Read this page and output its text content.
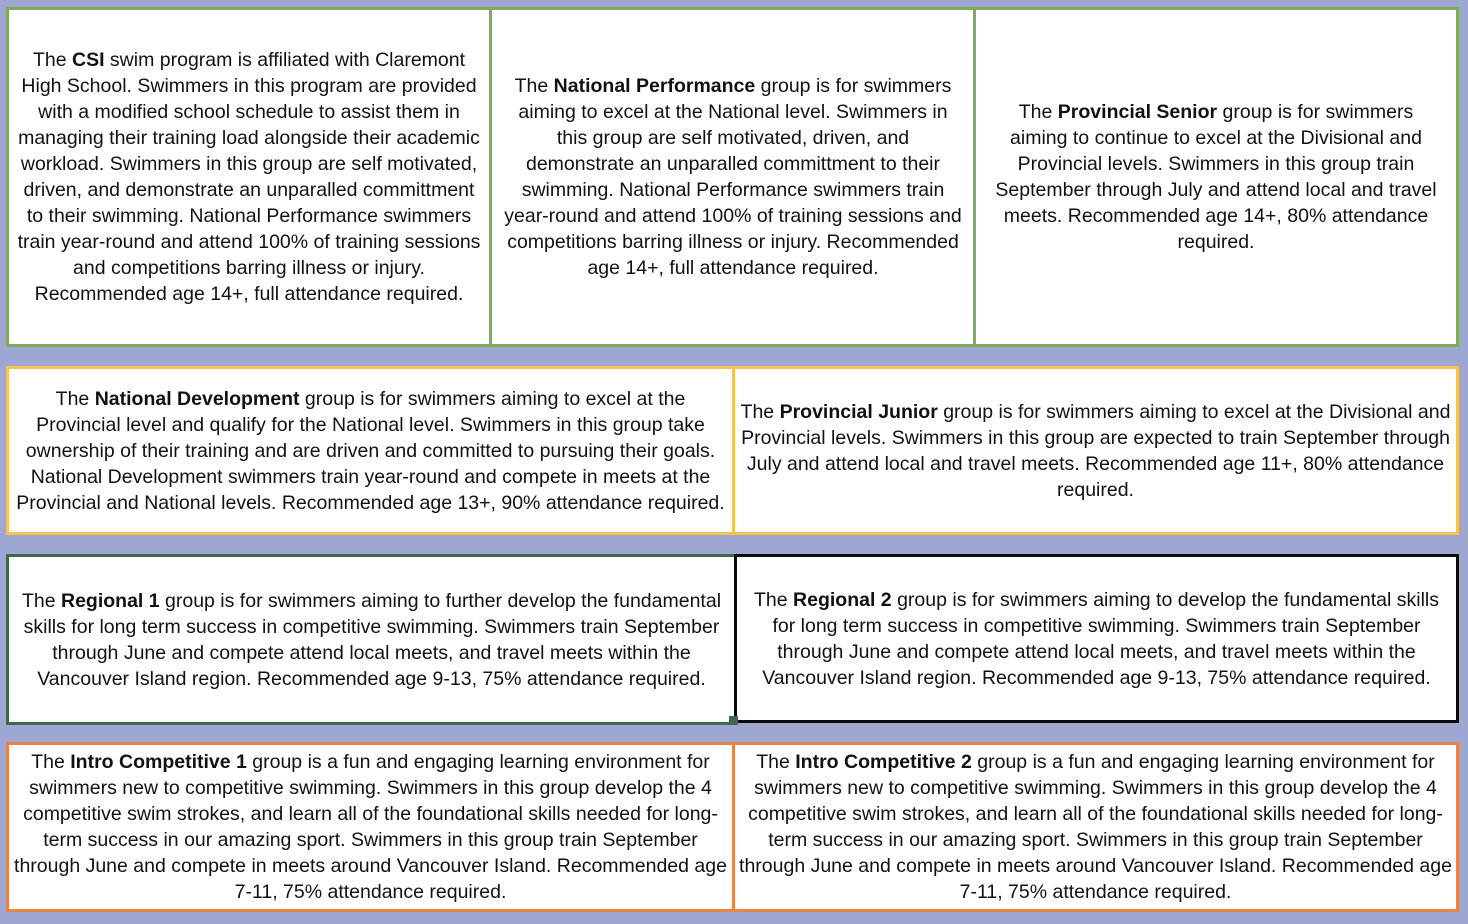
The CSI swim program is affiliated with Claremont High School. Swimmers in this program are provided with a modified school schedule to assist them in managing their training load alongside their academic workload. Swimmers in this group are self motivated, driven, and demonstrate an unparalled committment to their swimming. National Performance swimmers train year-round and attend 100% of training sessions and competitions barring illness or injury. Recommended age 14+, full attendance required.

The National Performance group is for swimmers aiming to excel at the National level. Swimmers in this group are self motivated, driven, and demonstrate an unparalled committment to their swimming. National Performance swimmers train year-round and attend 100% of training sessions and competitions barring illness or injury. Recommended age 14+, full attendance required.

The Provincial Senior group is for swimmers aiming to continue to excel at the Divisional and Provincial levels. Swimmers in this group train September through July and attend local and travel meets. Recommended age 14+, 80% attendance required.

The National Development group is for swimmers aiming to excel at the Provincial level and qualify for the National level. Swimmers in this group take ownership of their training and are driven and committed to pursuing their goals. National Development swimmers train year-round and compete in meets at the Provincial and National levels. Recommended age 13+, 90% attendance required.

The Provincial Junior group is for swimmers aiming to excel at the Divisional and Provincial levels. Swimmers in this group are expected to train September through July and attend local and travel meets. Recommended age 11+, 80% attendance required.

The Regional 1 group is for swimmers aiming to further develop the fundamental skills for long term success in competitive swimming. Swimmers train September through June and compete attend local meets, and travel meets within the Vancouver Island region. Recommended age 9-13, 75% attendance required.

The Regional 2 group is for swimmers aiming to develop the fundamental skills for long term success in competitive swimming. Swimmers train September through June and compete attend local meets, and travel meets within the Vancouver Island region. Recommended age 9-13, 75% attendance required.

The Intro Competitive 1 group is a fun and engaging learning environment for swimmers new to competitive swimming. Swimmers in this group develop the 4 competitive swim strokes, and learn all of the foundational skills needed for long-term success in our amazing sport. Swimmers in this group train September through June and compete in meets around Vancouver Island. Recommended age 7-11, 75% attendance required.

The Intro Competitive 2 group is a fun and engaging learning environment for swimmers new to competitive swimming. Swimmers in this group develop the 4 competitive swim strokes, and learn all of the foundational skills needed for long-term success in our amazing sport. Swimmers in this group train September through June and compete in meets around Vancouver Island. Recommended age 7-11, 75% attendance required.
